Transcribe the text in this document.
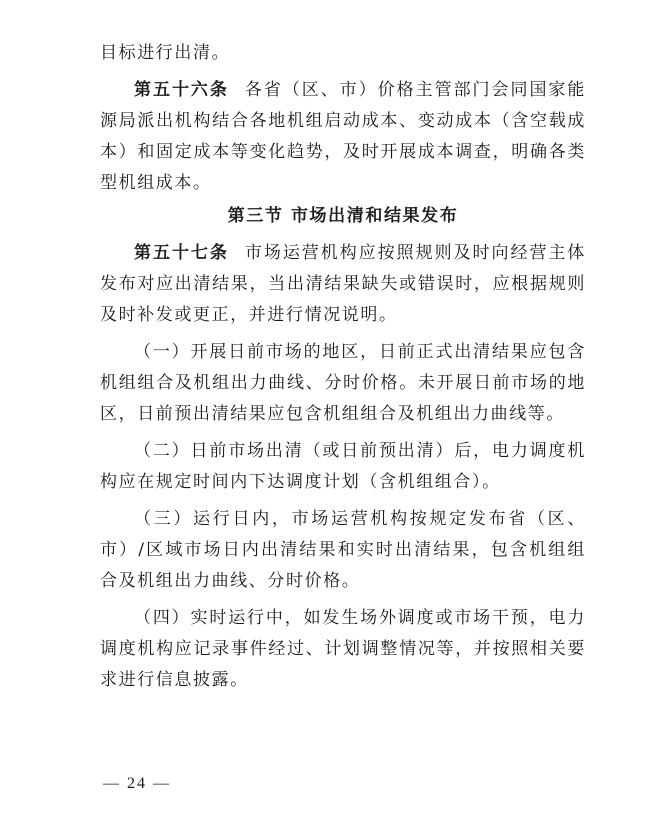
目标进行出清。

第五十六条 各省（区、市）价格主管部门会同国家能源局派出机构结合各地机组启动成本、变动成本（含空载成本）和固定成本等变化趋势，及时开展成本调查，明确各类型机组成本。

第三节 市场出清和结果发布

第五十七条 市场运营机构应按照规则及时向经营主体发布对应出清结果，当出清结果缺失或错误时，应根据规则及时补发或更正，并进行情况说明。

（一）开展日前市场的地区，日前正式出清结果应包含机组组合及机组出力曲线、分时价格。未开展日前市场的地区，日前预出清结果应包含机组组合及机组出力曲线等。

（二）日前市场出清（或日前预出清）后，电力调度机构应在规定时间内下达调度计划（含机组组合）。

（三）运行日内，市场运营机构按规定发布省（区、市）/区域市场日内出清结果和实时出清结果，包含机组组合及机组出力曲线、分时价格。

（四）实时运行中，如发生场外调度或市场干预，电力调度机构应记录事件经过、计划调整情况等，并按照相关要求进行信息披露。

— 24 —
